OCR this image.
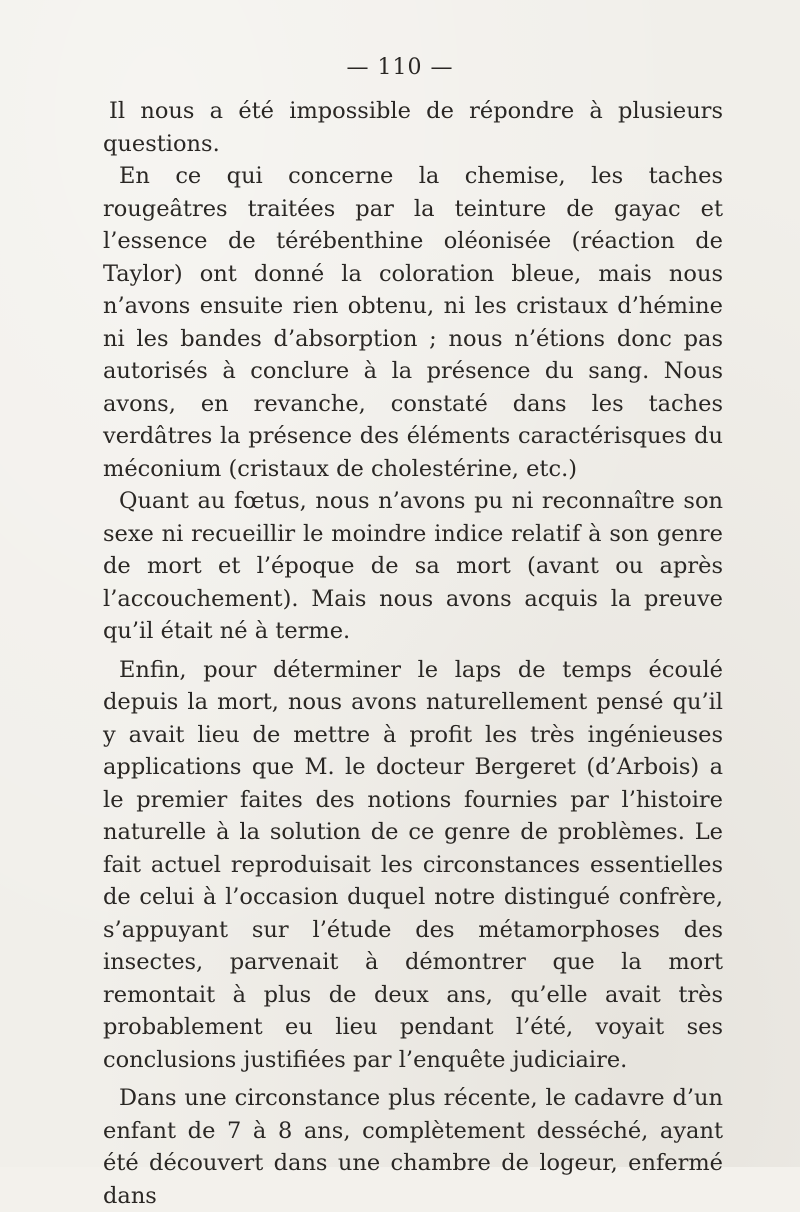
— 110 —

Il nous a été impossible de répondre à plusieurs questions.

En ce qui concerne la chemise, les taches rougeâtres traitées par la teinture de gayac et l’essence de térébenthine oléonisée (réaction de Taylor) ont donné la coloration bleue, mais nous n’avons ensuite rien obtenu, ni les cristaux d’hémine ni les bandes d’absorption ; nous n’étions donc pas autorisés à conclure à la présence du sang. Nous avons, en revanche, constaté dans les taches verdâtres la présence des éléments caractérisques du méconium (cristaux de cholestérine, etc.)

Quant au fœtus, nous n’avons pu ni reconnaître son sexe ni recueillir le moindre indice relatif à son genre de mort et l’époque de sa mort (avant ou après l’accouchement). Mais nous avons acquis la preuve qu’il était né à terme.

Enfin, pour déterminer le laps de temps écoulé depuis la mort, nous avons naturellement pensé qu’il y avait lieu de mettre à profit les très ingénieuses applications que M. le docteur Bergeret (d’Arbois) a le premier faites des notions fournies par l’histoire naturelle à la solution de ce genre de problèmes. Le fait actuel reproduisait les circonstances essentielles de celui à l’occasion duquel notre distingué confrère, s’appuyant sur l’étude des métamorphoses des insectes, parvenait à démontrer que la mort remontait à plus de deux ans, qu’elle avait très probablement eu lieu pendant l’été, voyait ses conclusions justifiées par l’enquête judiciaire.

Dans une circonstance plus récente, le cadavre d’un enfant de 7 à 8 ans, complètement desséché, ayant été découvert dans une chambre de logeur, enfermé dans
